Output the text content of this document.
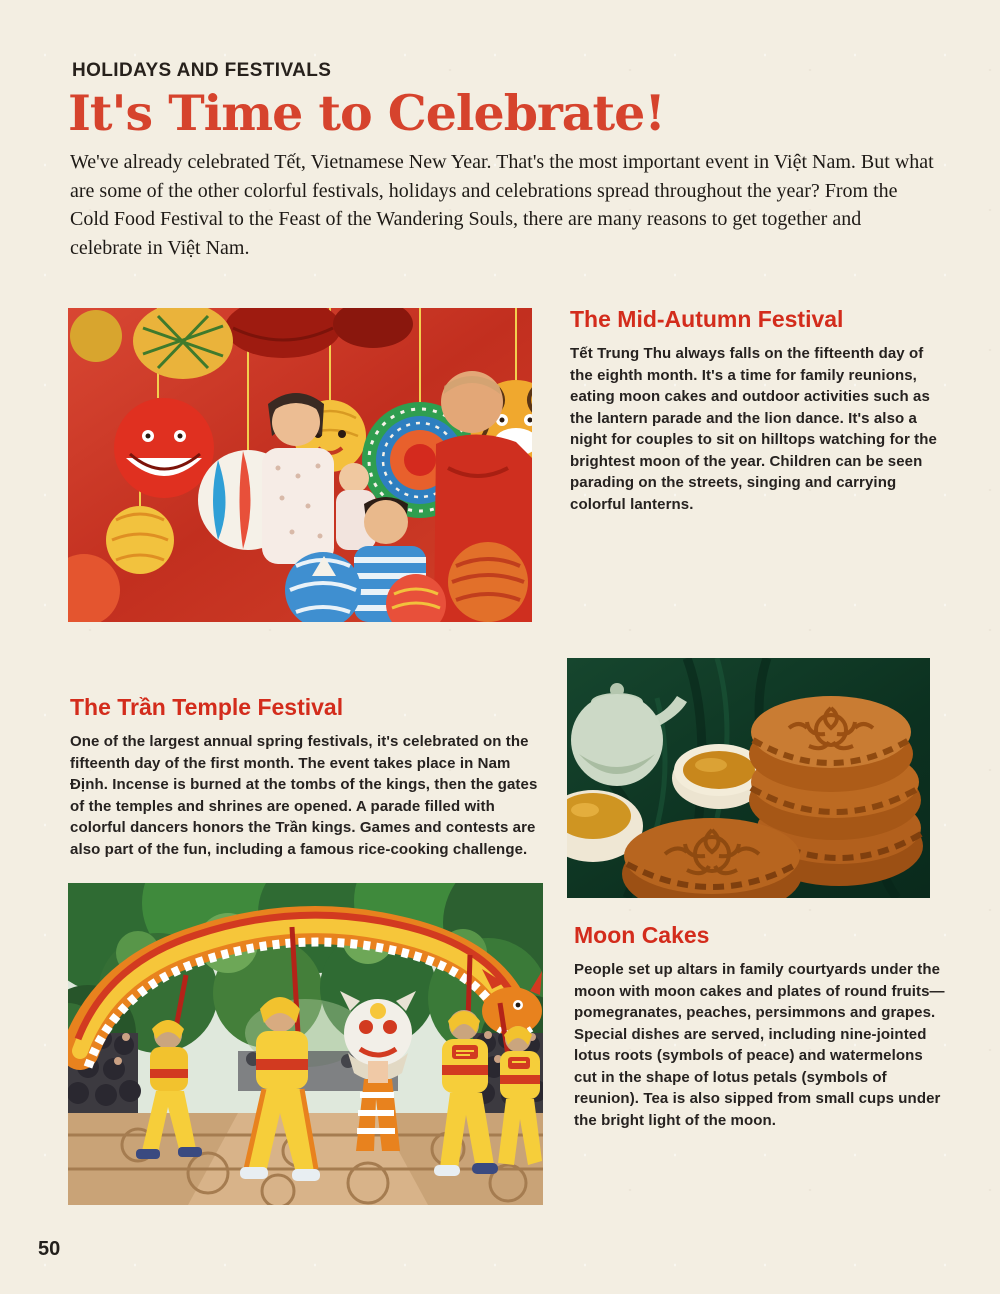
HOLIDAYS AND FESTIVALS
It's Time to Celebrate!

We've already celebrated Tết, Vietnamese New Year. That's the most important event in Việt Nam. But what are some of the other colorful festivals, holidays and celebrations spread throughout the year? From the Cold Food Festival to the Feast of the Wandering Souls, there are many reasons to get together and celebrate in Việt Nam.

The Mid-Autumn Festival

Tết Trung Thu always falls on the fifteenth day of the eighth month. It's a time for family reunions, eating moon cakes and outdoor activities such as the lantern parade and the lion dance. It's also a night for couples to sit on hilltops watching for the brightest moon of the year. Children can be seen parading on the streets, singing and carrying colorful lanterns.

The Trần Temple Festival

One of the largest annual spring festivals, it's celebrated on the fifteenth day of the first month. The event takes place in Nam Định. Incense is burned at the tombs of the kings, then the gates of the temples and shrines are opened. A parade filled with colorful dancers honors the Trần kings. Games and contests are also part of the fun, including a famous rice-cooking challenge.

Moon Cakes

People set up altars in family courtyards under the moon with moon cakes and plates of round fruits—pomegranates, peaches, persimmons and grapes. Special dishes are served, including nine-jointed lotus roots (symbols of peace) and watermelons cut in the shape of lotus petals (symbols of reunion). Tea is also sipped from small cups under the bright light of the moon.

50
